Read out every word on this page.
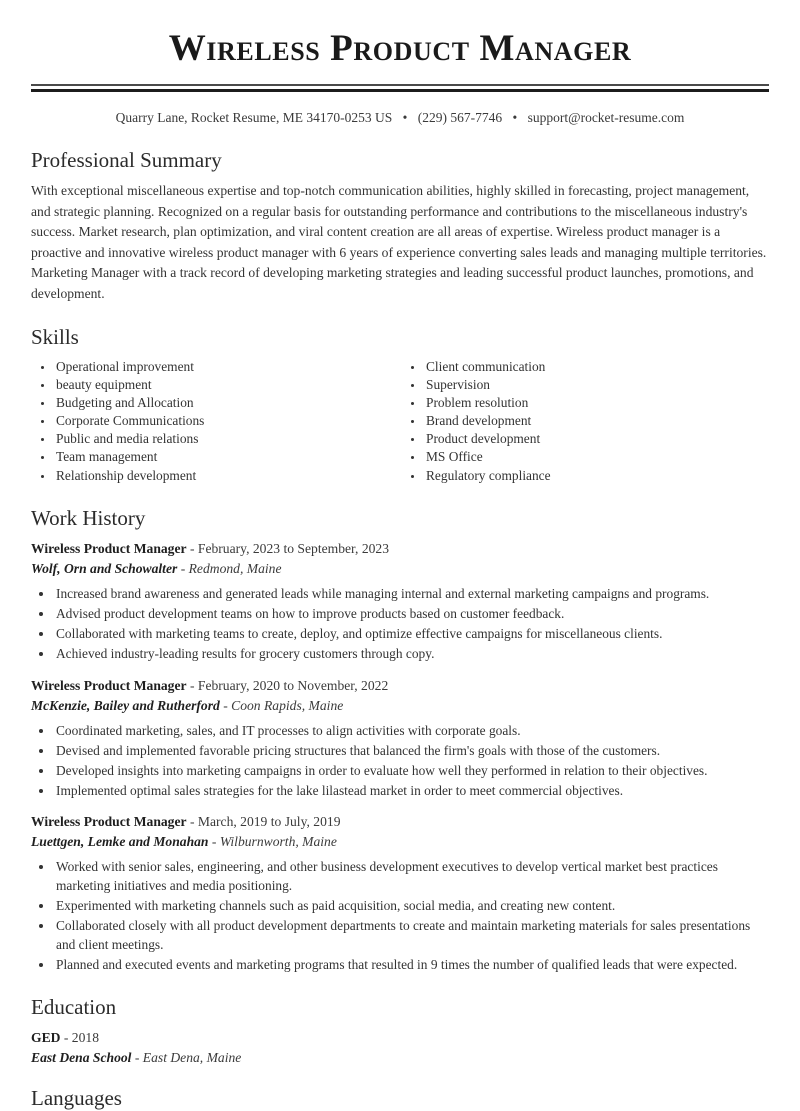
Wireless Product Manager
Quarry Lane, Rocket Resume, ME 34170-0253 US • (229) 567-7746 • support@rocket-resume.com
Professional Summary

With exceptional miscellaneous expertise and top-notch communication abilities, highly skilled in forecasting, project management, and strategic planning. Recognized on a regular basis for outstanding performance and contributions to the miscellaneous industry's success. Market research, plan optimization, and viral content creation are all areas of expertise. Wireless product manager is a proactive and innovative wireless product manager with 6 years of experience converting sales leads and managing multiple territories. Marketing Manager with a track record of developing marketing strategies and leading successful product launches, promotions, and development.

Skills
• Operational improvement
• beauty equipment
• Budgeting and Allocation
• Corporate Communications
• Public and media relations
• Team management
• Relationship development
• Client communication
• Supervision
• Problem resolution
• Brand development
• Product development
• MS Office
• Regulatory compliance
Work History
Wireless Product Manager - February, 2023 to September, 2023
Wolf, Orn and Schowalter - Redmond, Maine
• Increased brand awareness and generated leads while managing internal and external marketing campaigns and programs.
• Advised product development teams on how to improve products based on customer feedback.
• Collaborated with marketing teams to create, deploy, and optimize effective campaigns for miscellaneous clients.
• Achieved industry-leading results for grocery customers through copy.
Wireless Product Manager - February, 2020 to November, 2022
McKenzie, Bailey and Rutherford - Coon Rapids, Maine
• Coordinated marketing, sales, and IT processes to align activities with corporate goals.
• Devised and implemented favorable pricing structures that balanced the firm's goals with those of the customers.
• Developed insights into marketing campaigns in order to evaluate how well they performed in relation to their objectives.
• Implemented optimal sales strategies for the lake lilastead market in order to meet commercial objectives.
Wireless Product Manager - March, 2019 to July, 2019
Luettgen, Lemke and Monahan - Wilburnworth, Maine
• Worked with senior sales, engineering, and other business development executives to develop vertical market best practices marketing initiatives and media positioning.
• Experimented with marketing channels such as paid acquisition, social media, and creating new content.
• Collaborated closely with all product development departments to create and maintain marketing materials for sales presentations and client meetings.
• Planned and executed events and marketing programs that resulted in 9 times the number of qualified leads that were expected.
Education
GED - 2018
East Dena School - East Dena, Maine
Languages
